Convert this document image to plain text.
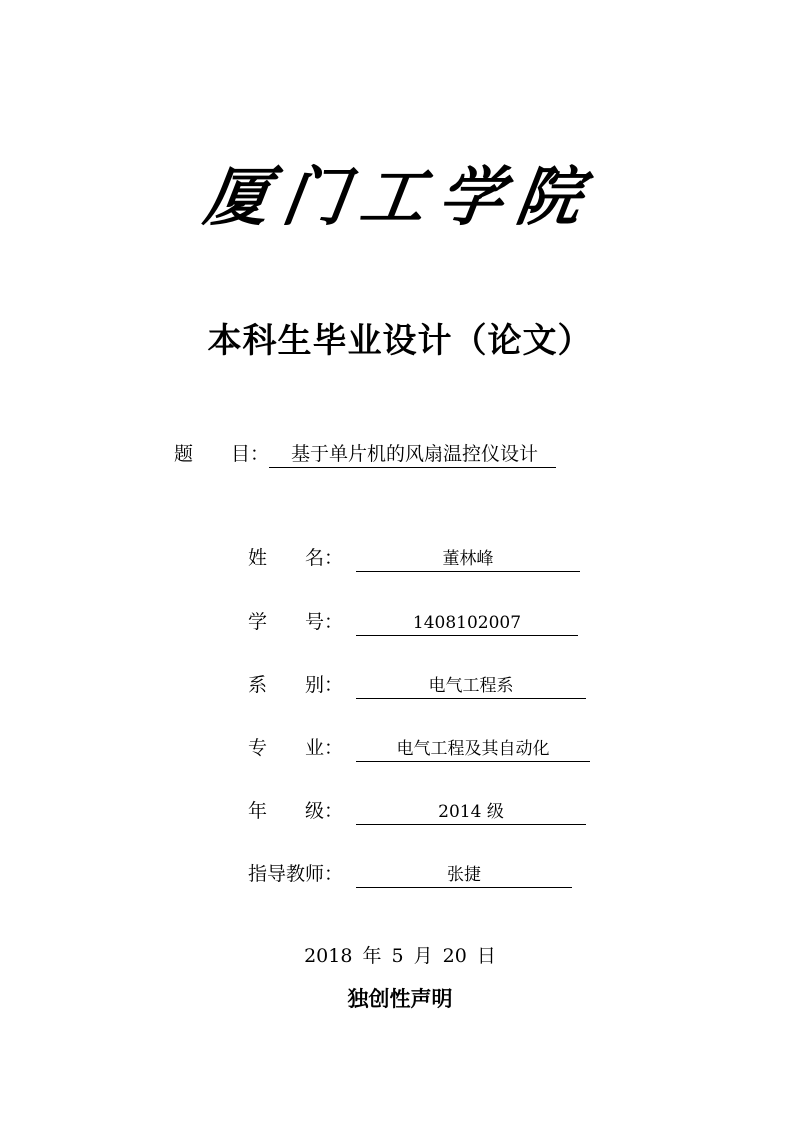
厦门工学院
本科生毕业设计（论文）
题　　目： 基于单片机的风扇温控仪设计
姓　　名：	董林峰
学　　号：	1408102007
系　　别：	电气工程系
专　　业：	电气工程及其自动化
年　　级：	2014 级
指导教师：	张捷
2018 年 5 月 20 日
独创性声明
